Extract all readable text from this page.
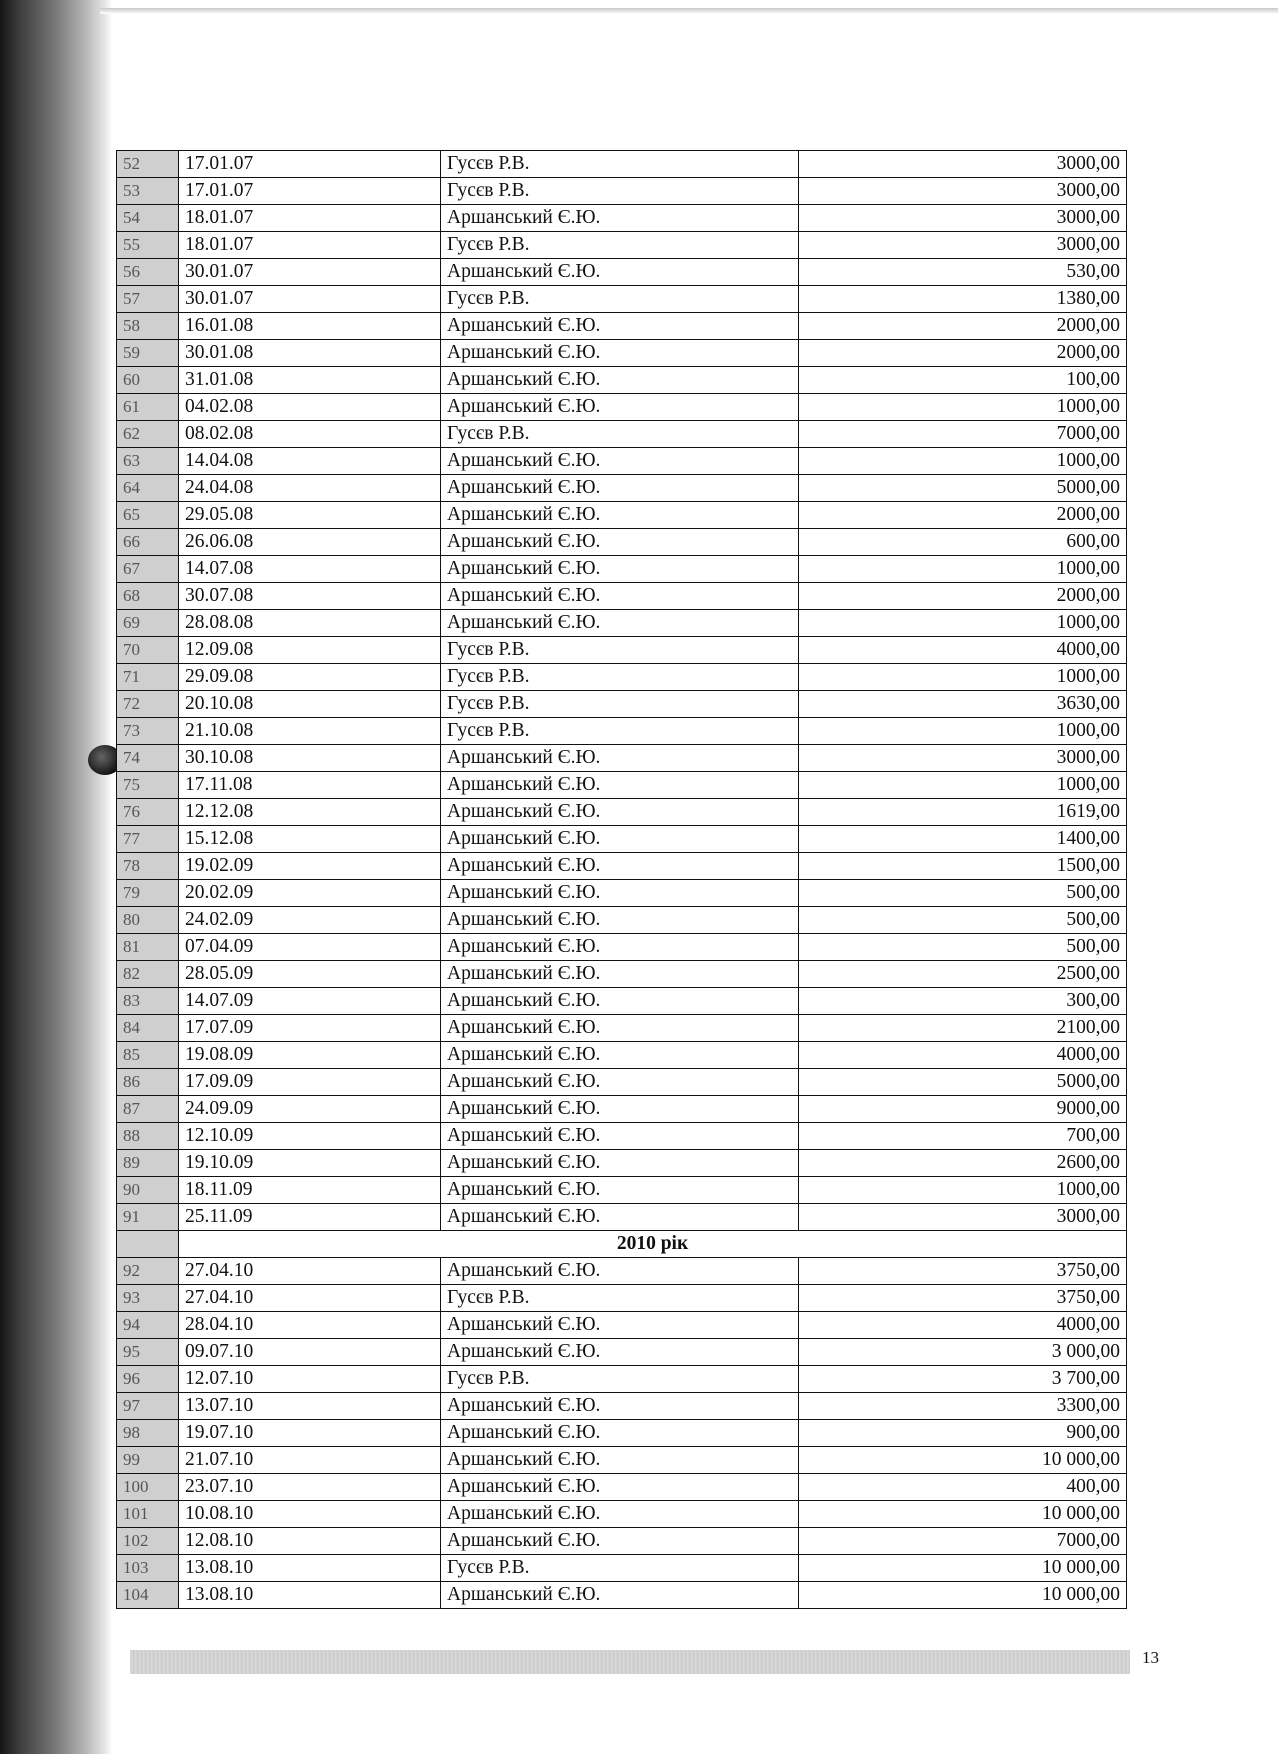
52	17.01.07	Гусєв Р.В.	3000,00
53	17.01.07	Гусєв Р.В.	3000,00
54	18.01.07	Аршанський Є.Ю.	3000,00
55	18.01.07	Гусєв Р.В.	3000,00
56	30.01.07	Аршанський Є.Ю.	530,00
57	30.01.07	Гусєв Р.В.	1380,00
58	16.01.08	Аршанський Є.Ю.	2000,00
59	30.01.08	Аршанський Є.Ю.	2000,00
60	31.01.08	Аршанський Є.Ю.	100,00
61	04.02.08	Аршанський Є.Ю.	1000,00
62	08.02.08	Гусєв Р.В.	7000,00
63	14.04.08	Аршанський Є.Ю.	1000,00
64	24.04.08	Аршанський Є.Ю.	5000,00
65	29.05.08	Аршанський Є.Ю.	2000,00
66	26.06.08	Аршанський Є.Ю.	600,00
67	14.07.08	Аршанський Є.Ю.	1000,00
68	30.07.08	Аршанський Є.Ю.	2000,00
69	28.08.08	Аршанський Є.Ю.	1000,00
70	12.09.08	Гусєв Р.В.	4000,00
71	29.09.08	Гусєв Р.В.	1000,00
72	20.10.08	Гусєв Р.В.	3630,00
73	21.10.08	Гусєв Р.В.	1000,00
74	30.10.08	Аршанський Є.Ю.	3000,00
75	17.11.08	Аршанський Є.Ю.	1000,00
76	12.12.08	Аршанський Є.Ю.	1619,00
77	15.12.08	Аршанський Є.Ю.	1400,00
78	19.02.09	Аршанський Є.Ю.	1500,00
79	20.02.09	Аршанський Є.Ю.	500,00
80	24.02.09	Аршанський Є.Ю.	500,00
81	07.04.09	Аршанський Є.Ю.	500,00
82	28.05.09	Аршанський Є.Ю.	2500,00
83	14.07.09	Аршанський Є.Ю.	300,00
84	17.07.09	Аршанський Є.Ю.	2100,00
85	19.08.09	Аршанський Є.Ю.	4000,00
86	17.09.09	Аршанський Є.Ю.	5000,00
87	24.09.09	Аршанський Є.Ю.	9000,00
88	12.10.09	Аршанський Є.Ю.	700,00
89	19.10.09	Аршанський Є.Ю.	2600,00
90	18.11.09	Аршанський Є.Ю.	1000,00
91	25.11.09	Аршанський Є.Ю.	3000,00
	2010 рік		
92	27.04.10	Аршанський Є.Ю.	3750,00
93	27.04.10	Гусєв Р.В.	3750,00
94	28.04.10	Аршанський Є.Ю.	4000,00
95	09.07.10	Аршанський Є.Ю.	3 000,00
96	12.07.10	Гусєв Р.В.	3 700,00
97	13.07.10	Аршанський Є.Ю.	3300,00
98	19.07.10	Аршанський Є.Ю.	900,00
99	21.07.10	Аршанський Є.Ю.	10 000,00
100	23.07.10	Аршанський Є.Ю.	400,00
101	10.08.10	Аршанський Є.Ю.	10 000,00
102	12.08.10	Аршанський Є.Ю.	7000,00
103	13.08.10	Гусєв Р.В.	10 000,00
104	13.08.10	Аршанський Є.Ю.	10 000,00
13
